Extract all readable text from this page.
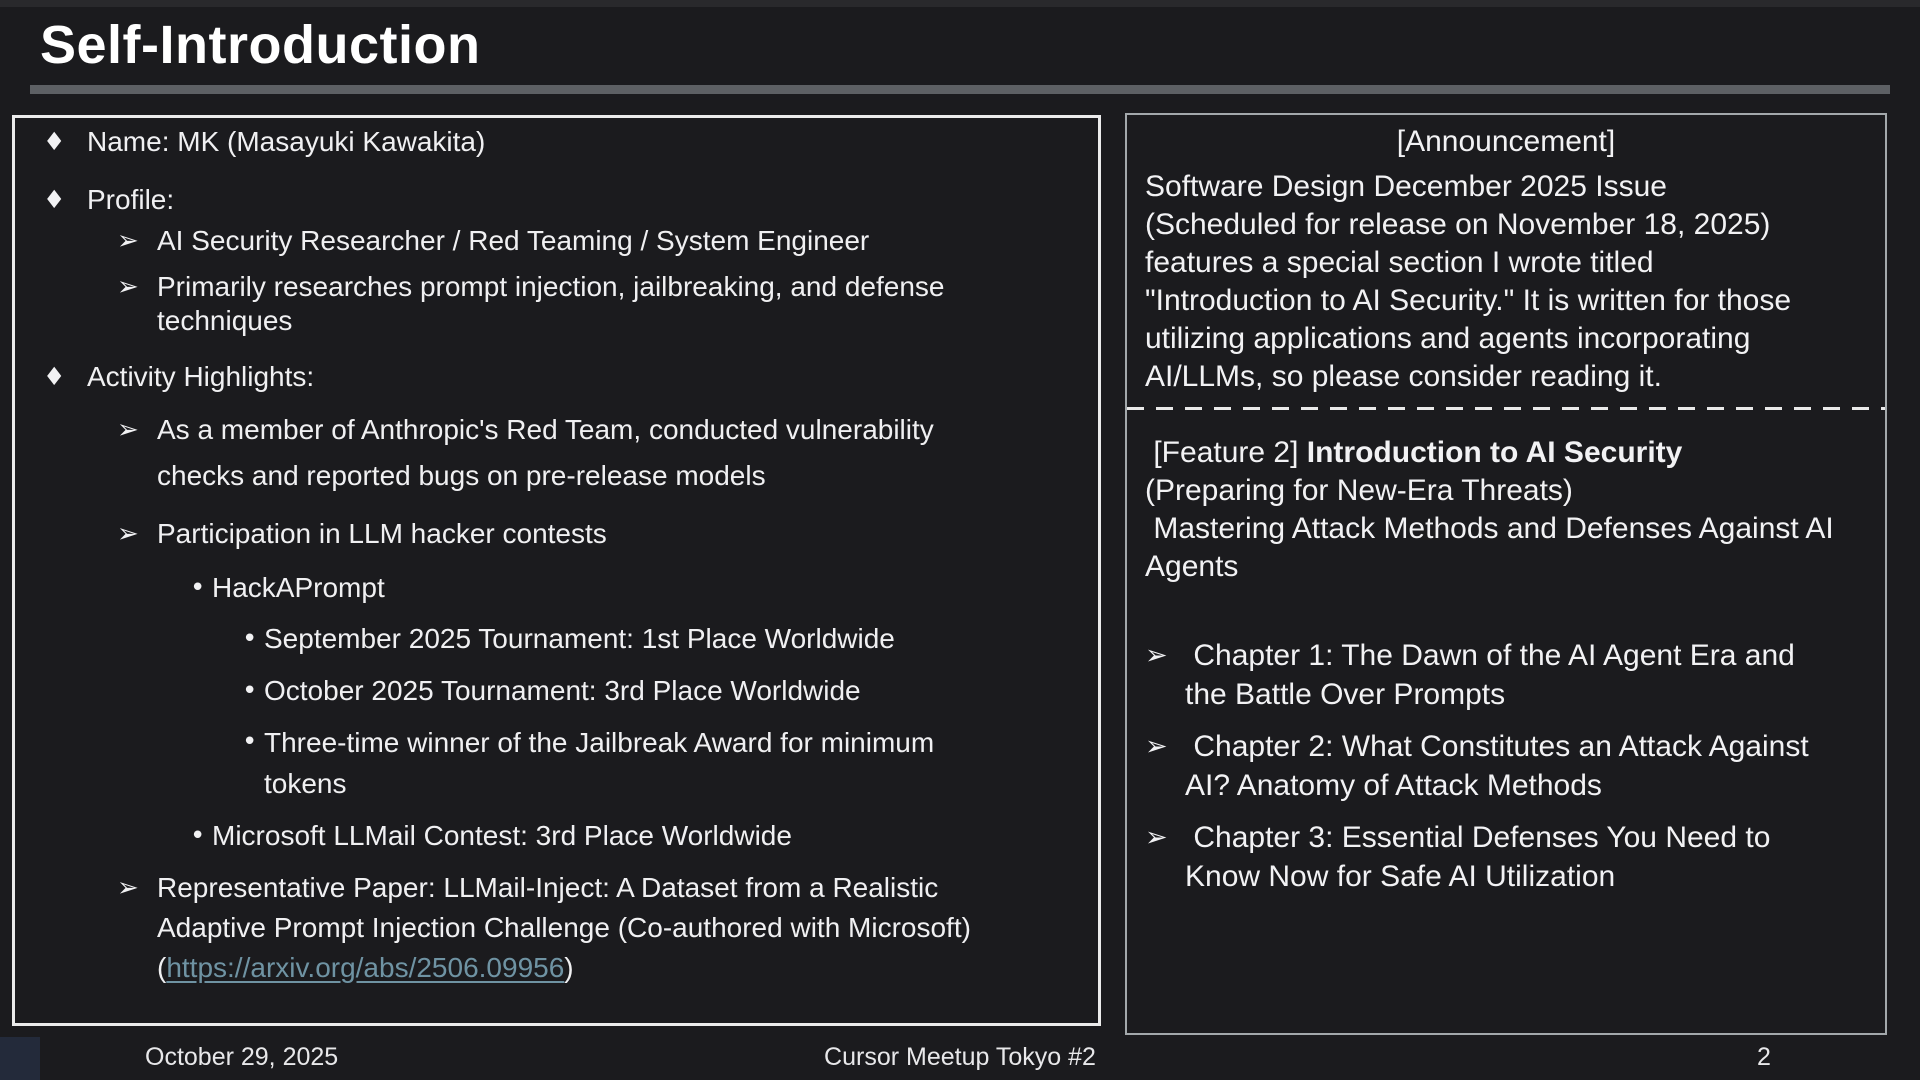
Self-Introduction
♦ Name: MK (Masayuki Kawakita)
♦ Profile:
➢ AI Security Researcher / Red Teaming / System Engineer
➢ Primarily researches prompt injection, jailbreaking, and defense techniques
♦ Activity Highlights:
➢ As a member of Anthropic's Red Team, conducted vulnerability checks and reported bugs on pre-release models
➢ Participation in LLM hacker contests
• HackAPrompt
• September 2025 Tournament: 1st Place Worldwide
• October 2025 Tournament: 3rd Place Worldwide
• Three-time winner of the Jailbreak Award for minimum tokens
• Microsoft LLMail Contest: 3rd Place Worldwide
➢ Representative Paper: LLMail-Inject: A Dataset from a Realistic Adaptive Prompt Injection Challenge (Co-authored with Microsoft) (https://arxiv.org/abs/2506.09956)
[Announcement]
Software Design December 2025 Issue (Scheduled for release on November 18, 2025) features a special section I wrote titled "Introduction to AI Security." It is written for those utilizing applications and agents incorporating AI/LLMs, so please consider reading it.
[Feature 2] Introduction to AI Security
(Preparing for New-Era Threats)
Mastering Attack Methods and Defenses Against AI Agents
➢ Chapter 1: The Dawn of the AI Agent Era and the Battle Over Prompts
➢ Chapter 2: What Constitutes an Attack Against AI? Anatomy of Attack Methods
➢ Chapter 3: Essential Defenses You Need to Know Now for Safe AI Utilization
October 29, 2025	Cursor Meetup Tokyo #2	2
